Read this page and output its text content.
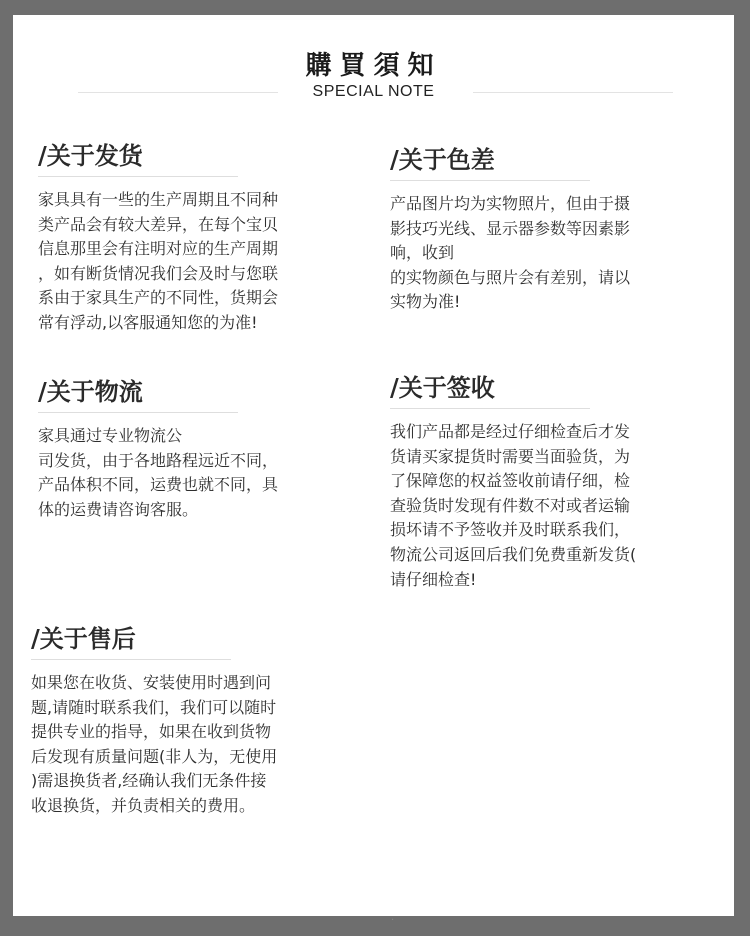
購買須知
SPECIAL NOTE
/关于发货
家具具有一些的生产周期且不同种
类产品会有较大差异，在每个宝贝
信息那里会有注明对应的生产周期
，如有断货情况我们会及时与您联
系由于家具生产的不同性，货期会
常有浮动,以客服通知您的为准!
/关于色差
产品图片均为实物照片，但由于摄
影技巧光线、显示器参数等因素影
响，收到
的实物颜色与照片会有差别，请以
实物为准!
/关于物流
家具通过专业物流公
司发货，由于各地路程远近不同，
产品体积不同，运费也就不同，具
体的运费请咨询客服。
/关于签收
我们产品都是经过仔细检查后才发
货请买家提货时需要当面验货，为
了保障您的权益签收前请仔细，检
查验货时发现有件数不对或者运输
损坏请不予签收并及时联系我们，
物流公司返回后我们免费重新发货(
请仔细检查!
/关于售后
如果您在收货、安装使用时遇到问
题,请随时联系我们，我们可以随时
提供专业的指导，如果在收到货物
后发现有质量问题(非人为，无使用
)需退换货者,经确认我们无条件接
收退换货，并负责相关的费用。
.
